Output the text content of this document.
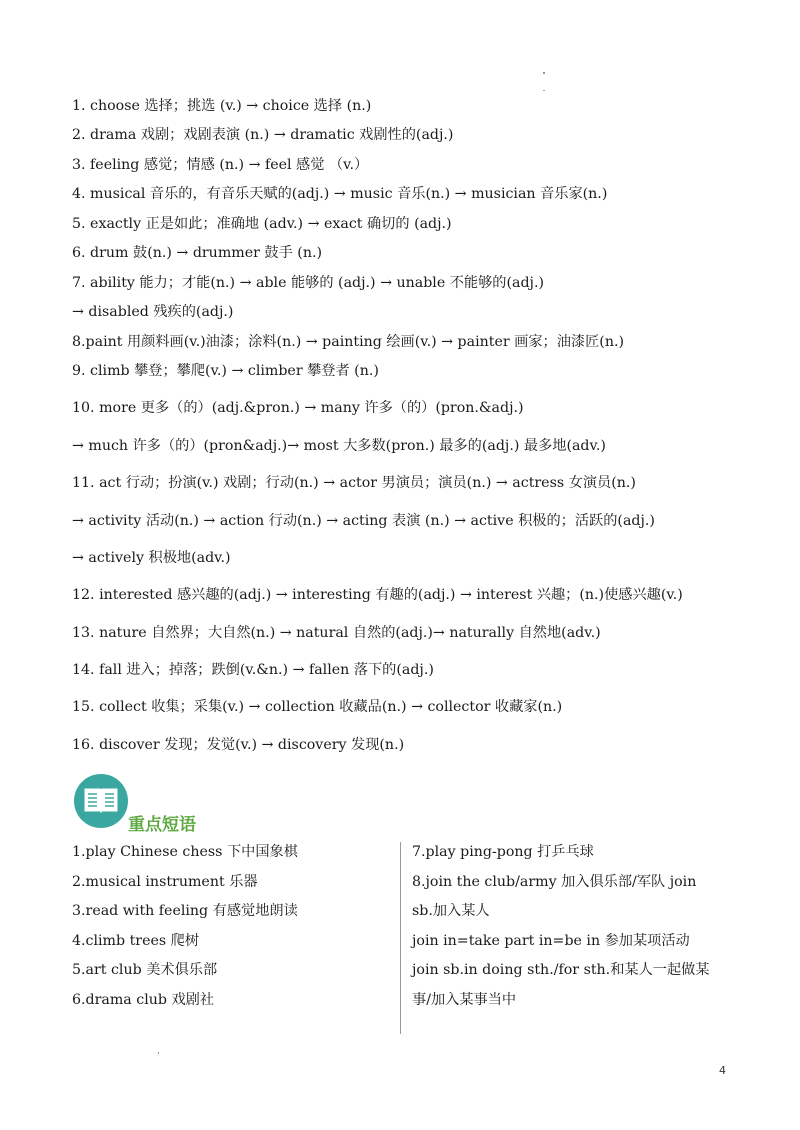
1. choose 选择；挑选 (v.) → choice 选择 (n.)
2. drama 戏剧；戏剧表演 (n.) → dramatic 戏剧性的(adj.)
3. feeling 感觉；情感 (n.) → feel 感觉 （v.）
4. musical 音乐的，有音乐天赋的(adj.) → music 音乐(n.) → musician 音乐家(n.)
5. exactly 正是如此；准确地 (adv.) → exact 确切的 (adj.)
6. drum 鼓(n.) → drummer 鼓手 (n.)
7. ability 能力；才能(n.) → able 能够的 (adj.) → unable 不能够的(adj.)
→ disabled 残疾的(adj.)
8.paint 用颜料画(v.)油漆；涂料(n.) → painting 绘画(v.) → painter 画家；油漆匠(n.)
9. climb 攀登；攀爬(v.) → climber 攀登者 (n.)
10. more 更多（的）(adj.&pron.) → many 许多（的）(pron.&adj.)
→ much 许多（的）(pron&adj.)→ most 大多数(pron.) 最多的(adj.) 最多地(adv.)
11. act 行动；扮演(v.) 戏剧；行动(n.) → actor 男演员；演员(n.) → actress 女演员(n.)
→ activity 活动(n.) → action 行动(n.) → acting 表演 (n.) → active 积极的；活跃的(adj.)
→ actively 积极地(adv.)
12. interested 感兴趣的(adj.) → interesting 有趣的(adj.) → interest 兴趣；(n.)使感兴趣(v.)
13. nature 自然界；大自然(n.) → natural 自然的(adj.)→ naturally 自然地(adv.)
14. fall 进入；掉落；跌倒(v.&n.) → fallen 落下的(adj.)
15. collect 收集；采集(v.) → collection 收藏品(n.) → collector 收藏家(n.)
16. discover 发现；发觉(v.) → discovery 发现(n.)
重点短语
1.play Chinese chess 下中国象棋
2.musical instrument 乐器
3.read with feeling 有感觉地朗读
4.climb trees 爬树
5.art club 美术俱乐部
6.drama club 戏剧社
7.play ping-pong 打乒乓球
8.join the club/army 加入俱乐部/军队 join
sb.加入某人
join in=take part in=be in 参加某项活动
join sb.in doing sth./for sth.和某人一起做某
事/加入某事当中
4
